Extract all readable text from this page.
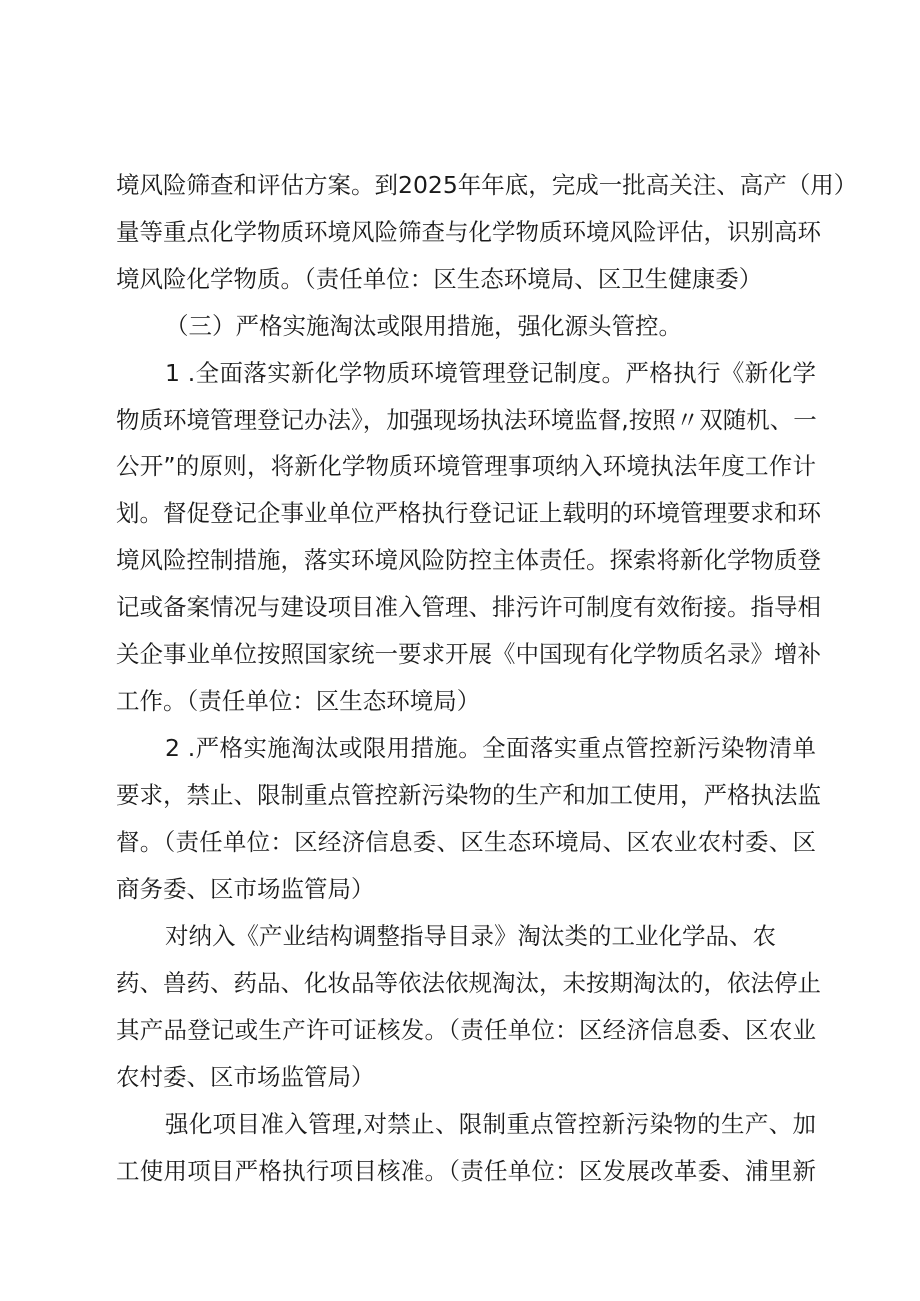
境风险筛查和评估方案。到2025年年底，完成一批高关注、高产（用）
量等重点化学物质环境风险筛查与化学物质环境风险评估，识别高环
境风险化学物质。（责任单位：区生态环境局、区卫生健康委）
（三）严格实施淘汰或限用措施，强化源头管控。
1 .全面落实新化学物质环境管理登记制度。严格执行《新化学
物质环境管理登记办法》，加强现场执法环境监督,按照〃双随机、一
公开”的原则，将新化学物质环境管理事项纳入环境执法年度工作计
划。督促登记企事业单位严格执行登记证上载明的环境管理要求和环
境风险控制措施，落实环境风险防控主体责任。探索将新化学物质登
记或备案情况与建设项目准入管理、排污许可制度有效衔接。指导相
关企事业单位按照国家统一要求开展《中国现有化学物质名录》增补
工作。（责任单位：区生态环境局）
2 .严格实施淘汰或限用措施。全面落实重点管控新污染物清单
要求，禁止、限制重点管控新污染物的生产和加工使用，严格执法监
督。（责任单位：区经济信息委、区生态环境局、区农业农村委、区
商务委、区市场监管局）
对纳入《产业结构调整指导目录》淘汰类的工业化学品、农
药、兽药、药品、化妆品等依法依规淘汰，未按期淘汰的，依法停止
其产品登记或生产许可证核发。（责任单位：区经济信息委、区农业
农村委、区市场监管局）
强化项目准入管理,对禁止、限制重点管控新污染物的生产、加
工使用项目严格执行项目核准。（责任单位：区发展改革委、浦里新
